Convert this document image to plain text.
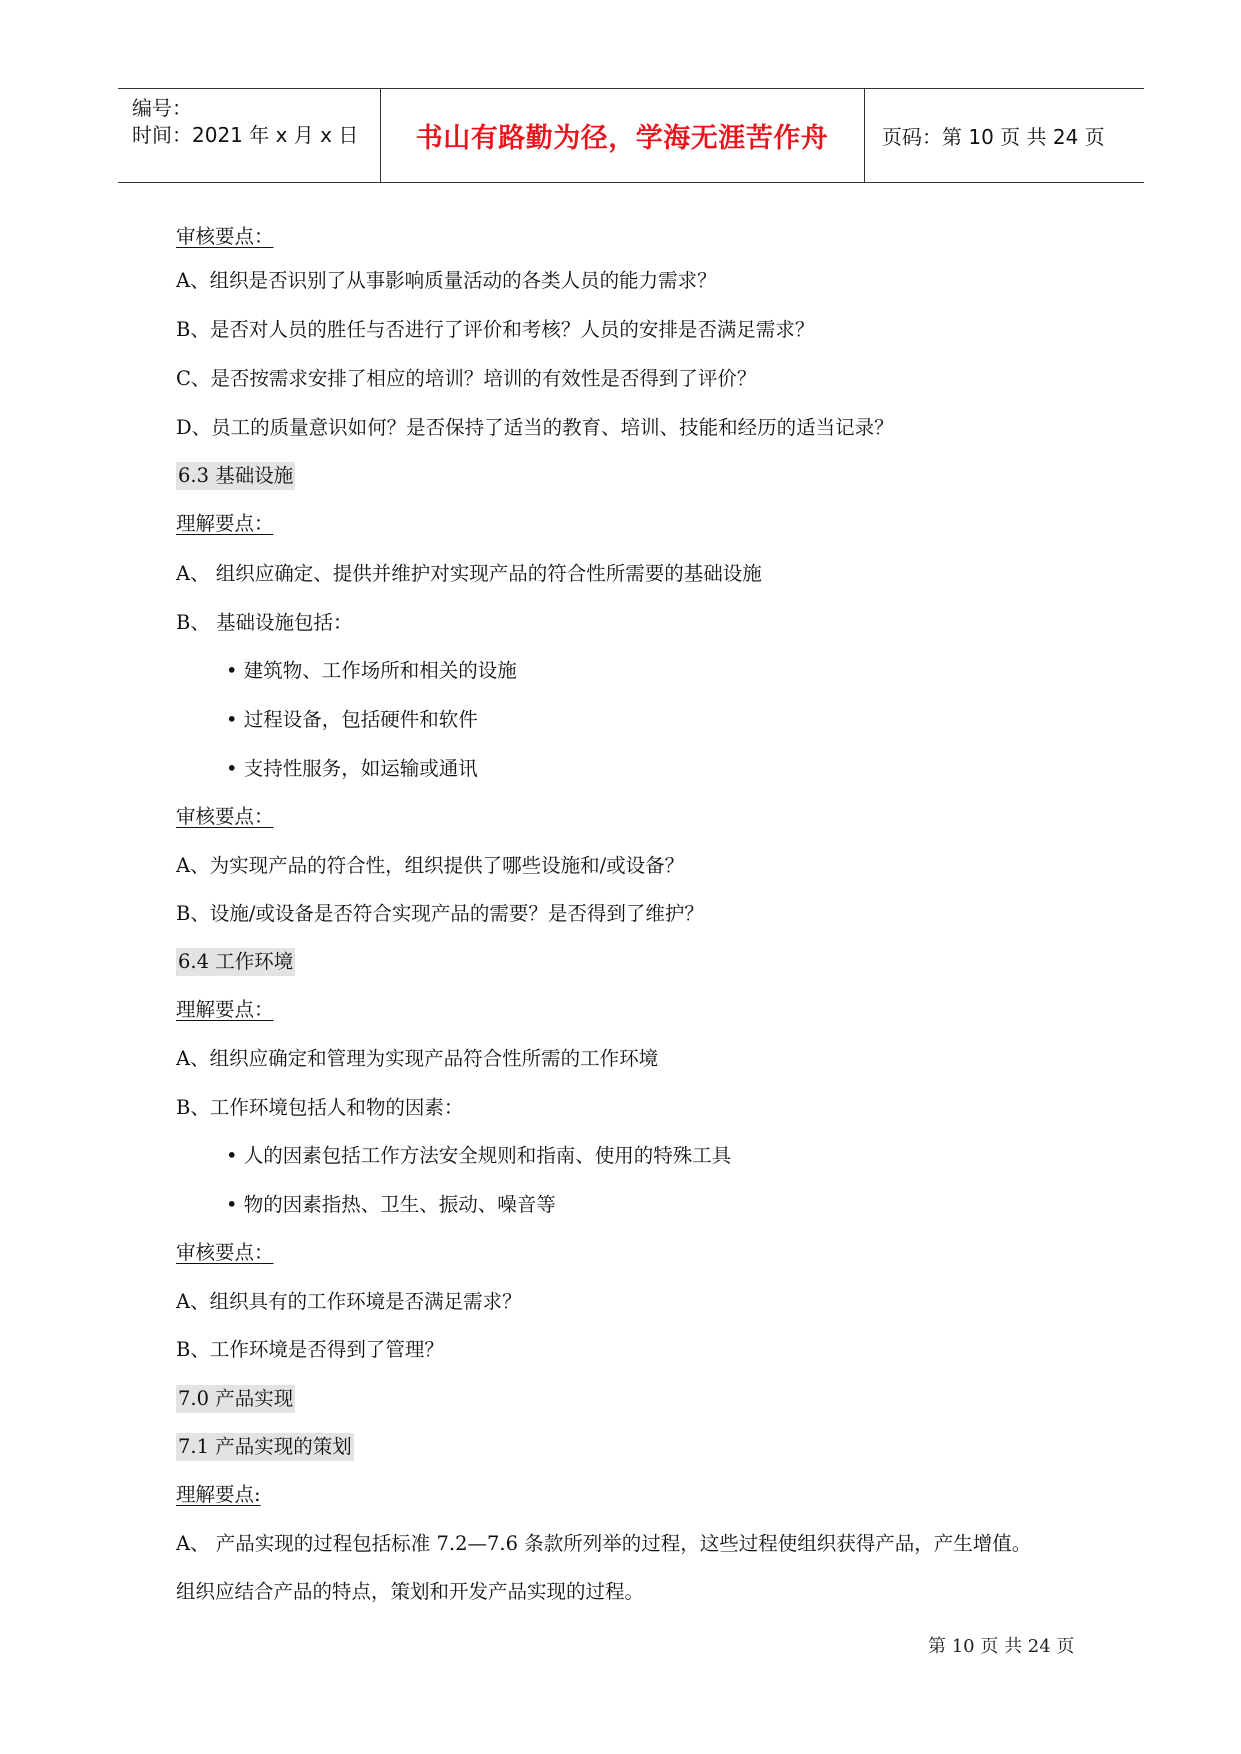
编号：
时间：2021 年 x 月 x 日 书山有路勤为径，学海无涯苦作舟	页码：第 10 页 共 24 页
审核要点：
A、组织是否识别了从事影响质量活动的各类人员的能力需求？
B、是否对人员的胜任与否进行了评价和考核？人员的安排是否满足需求？
C、是否按需求安排了相应的培训？培训的有效性是否得到了评价？
D、员工的质量意识如何？是否保持了适当的教育、培训、技能和经历的适当记录？
6.3 基础设施
理解要点：
A、 组织应确定、提供并维护对实现产品的符合性所需要的基础设施
B、 基础设施包括：
• 建筑物、工作场所和相关的设施
• 过程设备，包括硬件和软件
• 支持性服务，如运输或通讯
审核要点：
A、为实现产品的符合性，组织提供了哪些设施和/或设备？
B、设施/或设备是否符合实现产品的需要？是否得到了维护？
6.4 工作环境
理解要点：
A、组织应确定和管理为实现产品符合性所需的工作环境
B、工作环境包括人和物的因素：
• 人的因素包括工作方法安全规则和指南、使用的特殊工具
• 物的因素指热、卫生、振动、噪音等
审核要点：
A、组织具有的工作环境是否满足需求？
B、工作环境是否得到了管理？
7.0 产品实现
7.1 产品实现的策划
理解要点:
A、 产品实现的过程包括标准 7.2—7.6 条款所列举的过程，这些过程使组织获得产品，产生增值。
组织应结合产品的特点，策划和开发产品实现的过程。
第 10 页 共 24 页
